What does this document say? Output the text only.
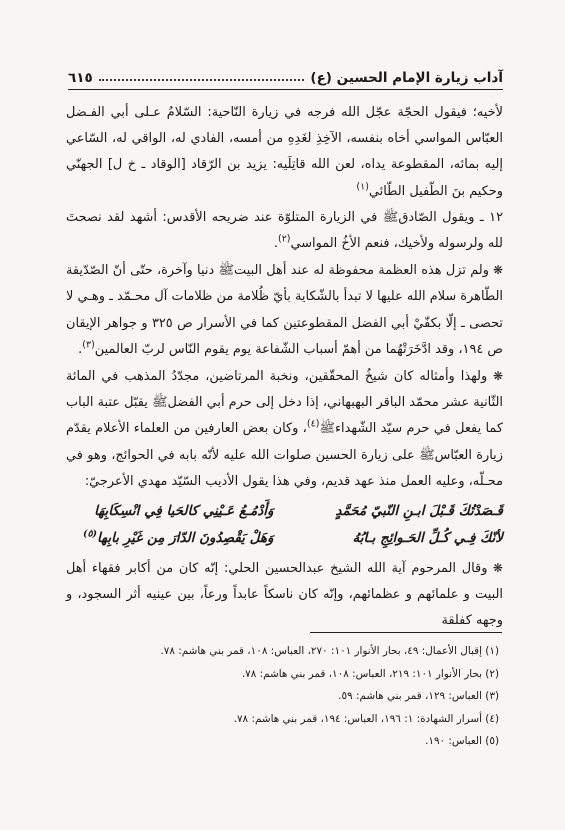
آداب زيارة الإمام الحسين (ع)
٦١٥

لأخيه؛ فيقول الحجّة عجّل الله فرجه في زيارة النّاحية: السّلامُ عـلى أبي الفـضل العبّاس المواسي أخاه بنفسه، الآخِذِ لغَدِهِ من أمسه، الفادي له، الواقي له، السّاعي إليه بمائه، المقطوعة يداه، لعن الله قاتِلَيه: يزيد بن الرّقاد [الوقاد ـ خ ل] الجهنّي وحكيم بنَ الطّفيل الطّائي$^{(١)}$

١٢ ـ ويقول الصّادقﷺ في الزيارة المتلوّة عند ضريحه الأقدس: أشهد لقد نصحتَ لله ولرسوله ولأخيك، فنعم الأخُ المواسي$^{(٢)}$.

❋ ولم تزل هذه العظمة محفوظة له عند أهل البيتﷺ دنيا وآخرة، حتّى أنّ الصّدّيقة الطّاهرة سلام الله عليها لا تبدأ بالشّكاية بأيّ ظُلامة من ظلامات آل محـمّد ـ وهـي لا تحصى ـ إلّا بكفّيْ أبي الفضل المقطوعتين كما في الأسرار ص ٣٢٥ و جواهر الإيقان ص ١٩٤، وقد ادَّخَرَتْهُما من أهمّ أسباب الشّفاعة يوم يقوم النّاس لربّ العالمين$^{(٣)}$.

❋ ولهذا وأمثاله كان شيخُ المحقّقين، ونخبة المرتاضين، مجدّدُ المذهب في المائة الثّانية عشر محمّد الباقر البهبهاني، إذا دخل إلى حرم أبي الفضلﷺ يقبّل عتبة الباب كما يفعل في حرم سيّد الشّهداءﷺ$^{(٤)}$، وكان بعض العارفين من العلماء الأعلام يقدّم زيارة العبّاسﷺ على زيارة الحسين صلوات الله عليه لأنّه بابه في الحوائج، وهو في محـلّه، وعليه العمل منذ عهد قديم، وفي هذا يقول الأديب السّيّد مهدي الأعرجيّ:

قَـصَدْتُكَ قَـبْلَ ابـنِ النّبيّ مُحَمَّدٍ
وَأَدْمُـعُ عَـيْنِي كالحَيا فِي انْسِكَابِهَا
لأنّكَ فِـي كُـلِّ الحَـوائِجِ بـابُهُ
وَهَلْ يَقْصِدُونَ الدّارَ مِن غَيْرِ بابِها$^{(٥)}$

❋ وقال المرحوم آية الله الشيخ عبدالحسين الحلي: إنّه كان من أكابر فقهاء أهل البيت و علمائهم و عظمائهم، وإنّه كان ناسكاً عابداً ورعاً، بين عينيه أثر السجود، و وجهه كفلقة

(١) إقبال الأعمال: ٤٩، بحار الأنوار ١٠١: ٢٧٠، العباس: ١٠٨، قمر بني هاشم: ٧٨.
(٢) بحار الأنوار ١٠١: ٢١٩، العباس: ١٠٨، قمر بني هاشم: ٧٨.
(٣) العباس: ١٢٩، قمر بني هاشم: ٥٩.
(٤) أسرار الشهادة: ١: ١٩٦، العباس: ١٩٤، قمر بني هاشم: ٧٨.
(٥) العباس: ١٩٠.
